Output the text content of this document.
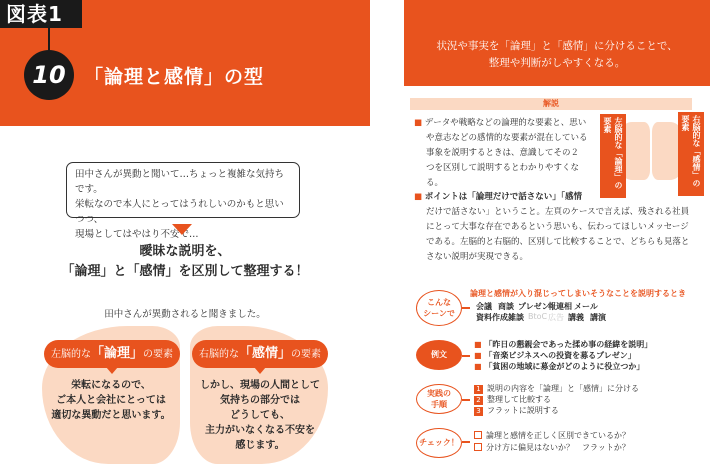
図表1
10 「論理と感情」の型
田中さんが異動と聞いて…ちょっと複雑な気持ちです。
栄転なので本人にとってはうれしいのかもと思いつつ、
現場としてはやはり不安で…
曖昧な説明を、
「論理」と「感情」を区別して整理する！
田中さんが異動されると聞きました。
左脳的な「論理」の要素	右脳的な「感情」の要素
栄転になるので、
ご本人と会社にとっては
適切な異動だと思います。
しかし、現場の人間として
気持ちの部分では
どうしても、
主力がいなくなる不安を
感じます。
状況や事実を「論理」と「感情」に分けることで、
整理や判断がしやすくなる。
解説
■ データや戦略などの論理的な要素と、思い
や意志などの感情的な要素が混在している
事象を説明するときは、意識してその２
つを区別して説明するとわかりやすくな
る。
■ ポイントは「論理だけで話さない」「感情
だけで話さない」ということ。左頁のケースで言えば、残される社員
にとって大事な存在であるという思いも、伝わってほしいメッセージ
である。左脳的と右脳的、区別して比較することで、どちらも見落と
さない説明が実現できる。
左脳的な「論理」の要素	右脳的な「感情」の要素
こんな
シーンで
論理と感情が入り混じってしまいそうなことを説明するとき
会議 商談 プレゼン
報連相 メール
資料作成 雑談 BtoC 広告 講義 講演
例文
■ 「昨日の懇親会であった揉め事の経緯を説明」
■ 「音楽ビジネスへの投資を募るプレゼン」
■ 「貧困の地域に募金がどのように役立つか」
実践の
手順
1 説明の内容を「論理」と「感情」に分ける
2 整理して比較する
3 フラットに説明する
チェック！
論理と感情を正しく区別できているか？
分け方に偏見はないか？　フラットか？
